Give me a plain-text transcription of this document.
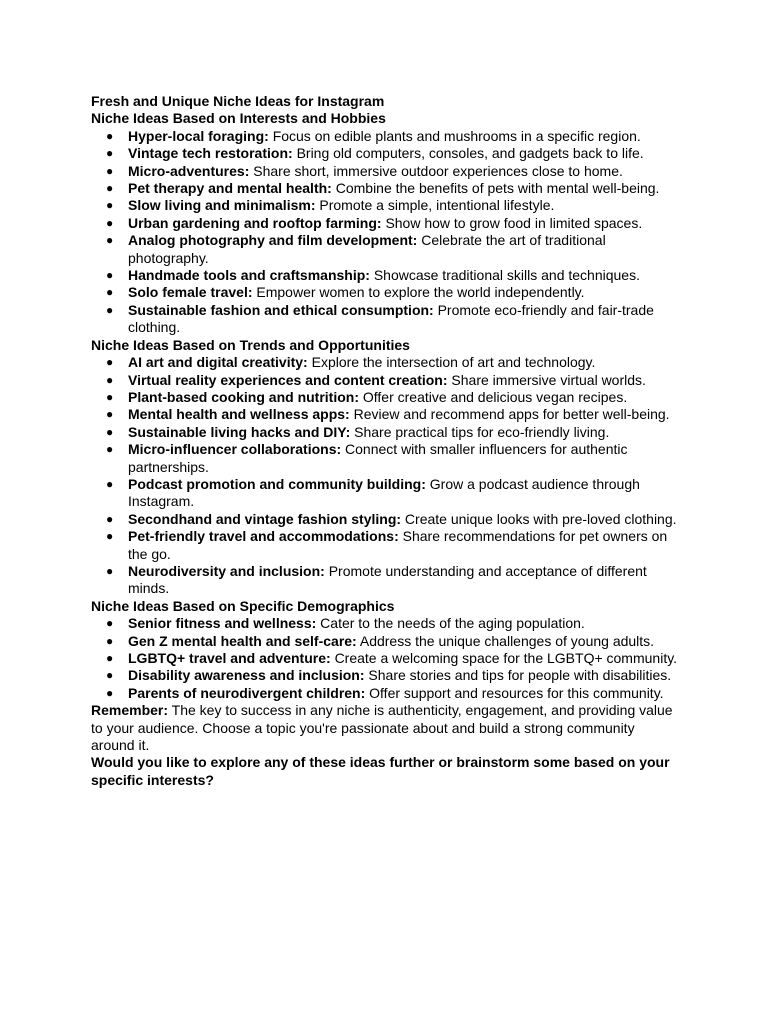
Fresh and Unique Niche Ideas for Instagram

Niche Ideas Based on Interests and Hobbies

● Hyper-local foraging: Focus on edible plants and mushrooms in a specific region.
● Vintage tech restoration: Bring old computers, consoles, and gadgets back to life.
● Micro-adventures: Share short, immersive outdoor experiences close to home.
● Pet therapy and mental health: Combine the benefits of pets with mental well-being.
● Slow living and minimalism: Promote a simple, intentional lifestyle.
● Urban gardening and rooftop farming: Show how to grow food in limited spaces.
● Analog photography and film development: Celebrate the art of traditional photography.
● Handmade tools and craftsmanship: Showcase traditional skills and techniques.
● Solo female travel: Empower women to explore the world independently.
● Sustainable fashion and ethical consumption: Promote eco-friendly and fair-trade clothing.

Niche Ideas Based on Trends and Opportunities

● AI art and digital creativity: Explore the intersection of art and technology.
● Virtual reality experiences and content creation: Share immersive virtual worlds.
● Plant-based cooking and nutrition: Offer creative and delicious vegan recipes.
● Mental health and wellness apps: Review and recommend apps for better well-being.
● Sustainable living hacks and DIY: Share practical tips for eco-friendly living.
● Micro-influencer collaborations: Connect with smaller influencers for authentic partnerships.
● Podcast promotion and community building: Grow a podcast audience through Instagram.
● Secondhand and vintage fashion styling: Create unique looks with pre-loved clothing.
● Pet-friendly travel and accommodations: Share recommendations for pet owners on the go.
● Neurodiversity and inclusion: Promote understanding and acceptance of different minds.

Niche Ideas Based on Specific Demographics

● Senior fitness and wellness: Cater to the needs of the aging population.
● Gen Z mental health and self-care: Address the unique challenges of young adults.
● LGBTQ+ travel and adventure: Create a welcoming space for the LGBTQ+ community.
● Disability awareness and inclusion: Share stories and tips for people with disabilities.
● Parents of neurodivergent children: Offer support and resources for this community.

Remember: The key to success in any niche is authenticity, engagement, and providing value to your audience. Choose a topic you're passionate about and build a strong community around it.

Would you like to explore any of these ideas further or brainstorm some based on your specific interests?
